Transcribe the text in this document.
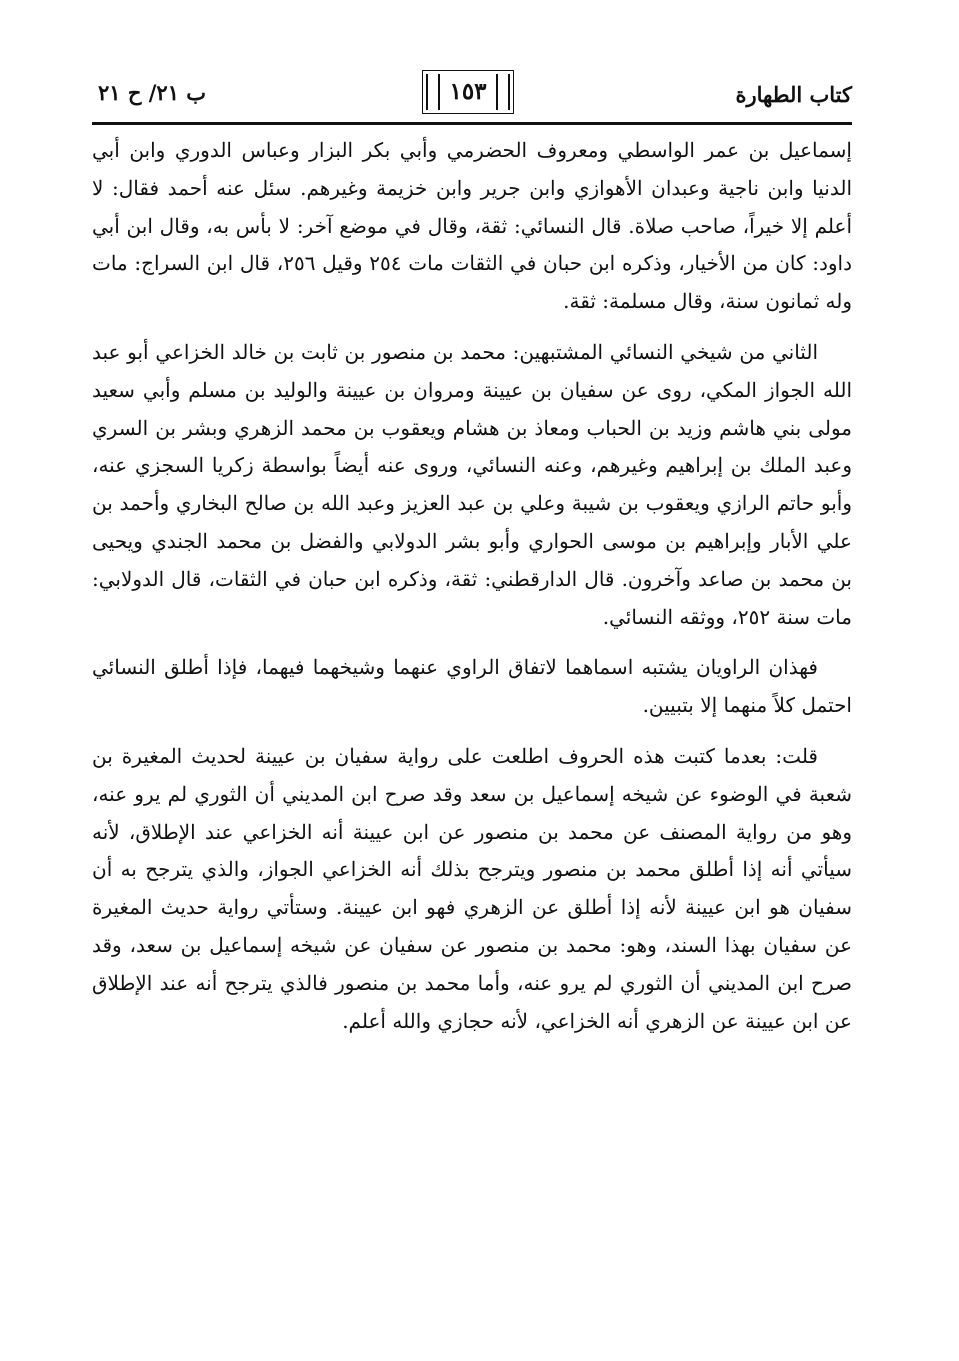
كتاب الطهارة
١٥٣
ب ٢١/ ح ٢١

إسماعيل بن عمر الواسطي ومعروف الحضرمي وأبي بكر البزار وعباس الدوري وابن أبي الدنيا وابن ناجية وعبدان الأهوازي وابن جرير وابن خزيمة وغيرهم. سئل عنه أحمد فقال: لا أعلم إلا خيراً، صاحب صلاة. قال النسائي: ثقة، وقال في موضع آخر: لا بأس به، وقال ابن أبي داود: كان من الأخيار، وذكره ابن حبان في الثقات مات ٢٥٤ وقيل ٢٥٦، قال ابن السراج: مات وله ثمانون سنة، وقال مسلمة: ثقة.

الثاني من شيخي النسائي المشتبهين: محمد بن منصور بن ثابت بن خالد الخزاعي أبو عبد الله الجواز المكي، روى عن سفيان بن عيينة ومروان بن عيينة والوليد بن مسلم وأبي سعيد مولى بني هاشم وزيد بن الحباب ومعاذ بن هشام ويعقوب بن محمد الزهري وبشر بن السري وعبد الملك بن إبراهيم وغيرهم، وعنه النسائي، وروى عنه أيضاً بواسطة زكريا السجزي عنه، وأبو حاتم الرازي ويعقوب بن شيبة وعلي بن عبد العزيز وعبد الله بن صالح البخاري وأحمد بن علي الأبار وإبراهيم بن موسى الحواري وأبو بشر الدولابي والفضل بن محمد الجندي ويحيى بن محمد بن صاعد وآخرون. قال الدارقطني: ثقة، وذكره ابن حبان في الثقات، قال الدولابي: مات سنة ٢٥٢، ووثقه النسائي.

فهذان الراويان يشتبه اسماهما لاتفاق الراوي عنهما وشيخهما فيهما، فإذا أطلق النسائي احتمل كلاً منهما إلا بتبيين.

قلت: بعدما كتبت هذه الحروف اطلعت على رواية سفيان بن عيينة لحديث المغيرة بن شعبة في الوضوء عن شيخه إسماعيل بن سعد وقد صرح ابن المديني أن الثوري لم يرو عنه، وهو من رواية المصنف عن محمد بن منصور عن ابن عيينة أنه الخزاعي عند الإطلاق، لأنه سيأتي أنه إذا أطلق محمد بن منصور ويترجح بذلك أنه الخزاعي الجواز، والذي يترجح به أن سفيان هو ابن عيينة لأنه إذا أطلق عن الزهري فهو ابن عيينة. وستأتي رواية حديث المغيرة عن سفيان بهذا السند، وهو: محمد بن منصور عن سفيان عن شيخه إسماعيل بن سعد، وقد صرح ابن المديني أن الثوري لم يرو عنه، وأما محمد بن منصور فالذي يترجح أنه عند الإطلاق عن ابن عيينة عن الزهري أنه الخزاعي، لأنه حجازي والله أعلم.
